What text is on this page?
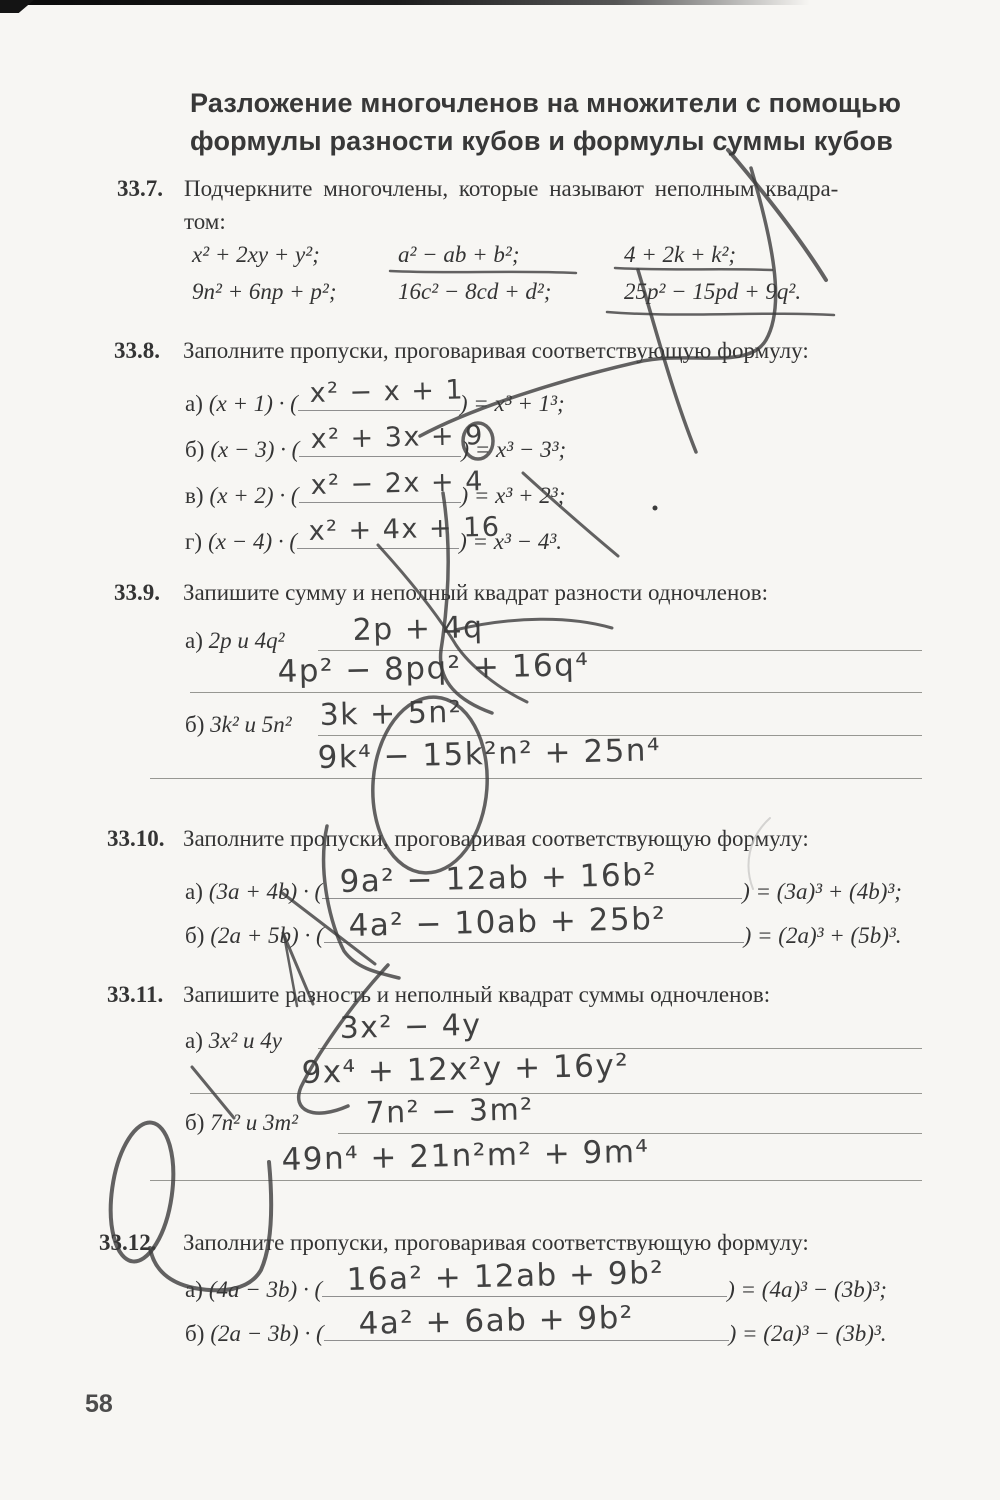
Разложение многочленов на множители с помощью
формулы разности кубов и формулы суммы кубов
33.7. Подчеркните многочлены, которые называют неполным квадра-
том:
x² + 2xy + y²;	a² − ab + b²;	4 + 2k + k²;
9n² + 6np + p²;	16c² − 8cd + d²;	25p² − 15pd + 9q².
33.8. Заполните пропуски, проговаривая соответствующую формулу:
а) (x + 1) · ( x² − x + 1
) = x³ + 1³;
б) (x − 3) · ( x² + 3x + 9
) = x³ − 3³;
в) (x + 2) · ( x² − 2x + 4
) = x³ + 2³;
г) (x − 4) · ( x² + 4x + 16
) = x³ − 4³.
33.9. Запишите сумму и неполный квадрат разности одночленов:
а) 2p и 4q² 2p + 4q
4p² − 8pq² + 16q⁴
б) 3k² и 5n² 3k + 5n²
9k⁴ − 15k²n² + 25n⁴
33.10. Заполните пропуски, проговаривая соответствующую формулу:
а) (3a + 4b) · ( 9a² − 12ab + 16b²	) = (3a)³ + (4b)³;
б) (2a + 5b) · ( 4a² − 10ab + 25b²	) = (2a)³ + (5b)³.
33.11. Запишите разность и неполный квадрат суммы одночленов:
а) 3x² и 4y 3x² − 4y
9x⁴ + 12x²y + 16y²
б) 7n² и 3m² 7n² − 3m²
49n⁴ + 21n²m² + 9m⁴
33.12. Заполните пропуски, проговаривая соответствующую формулу:
а) (4a − 3b) · ( 16a² + 12ab + 9b²	) = (4a)³ − (3b)³;
б) (2a − 3b) · ( 4a² + 6ab + 9b²	) = (2a)³ − (3b)³.
58
